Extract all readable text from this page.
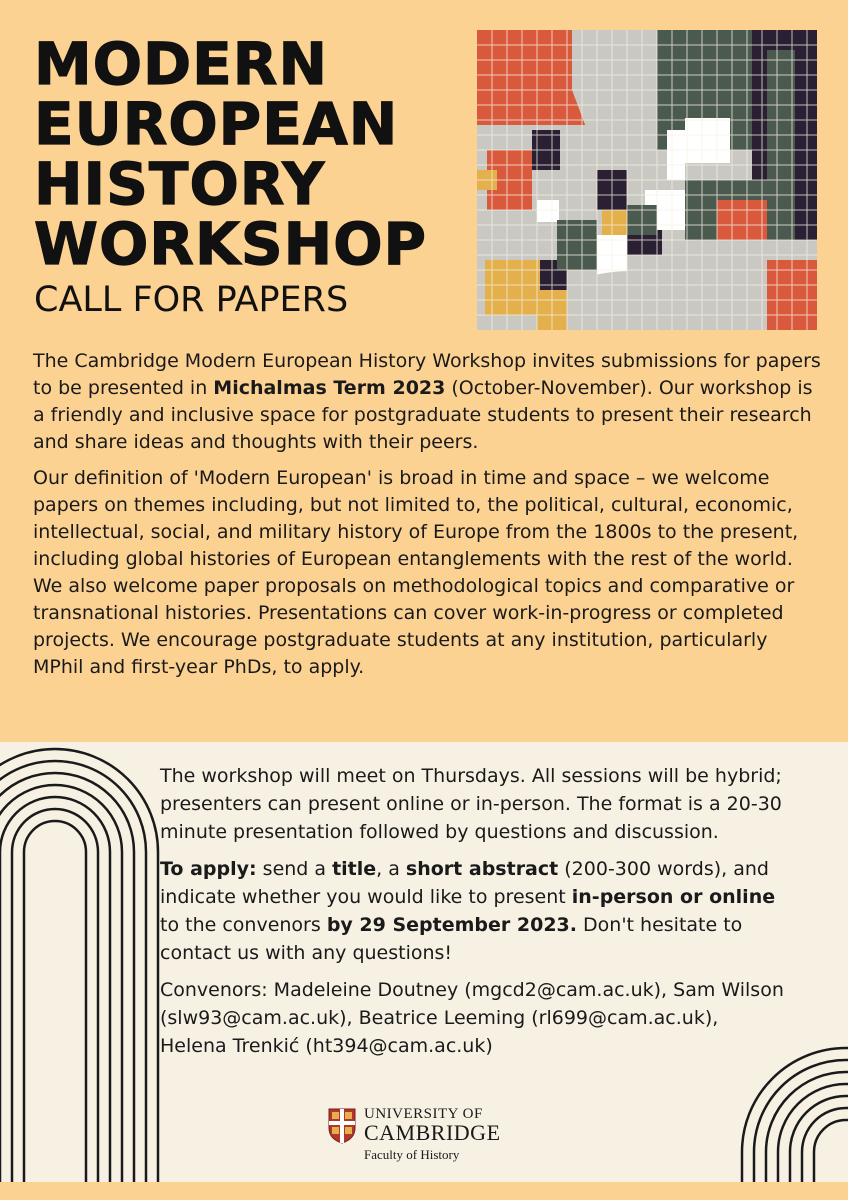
MODERN
EUROPEAN
HISTORY
WORKSHOP
CALL FOR PAPERS

The Cambridge Modern European History Workshop invites submissions for papers to be presented in Michalmas Term 2023 (October-November). Our workshop is a friendly and inclusive space for postgraduate students to present their research and share ideas and thoughts with their peers.

Our definition of 'Modern European' is broad in time and space – we welcome papers on themes including, but not limited to, the political, cultural, economic, intellectual, social, and military history of Europe from the 1800s to the present, including global histories of European entanglements with the rest of the world. We also welcome paper proposals on methodological topics and comparative or transnational histories. Presentations can cover work-in-progress or completed projects. We encourage postgraduate students at any institution, particularly MPhil and first-year PhDs, to apply.

The workshop will meet on Thursdays. All sessions will be hybrid; presenters can present online or in-person. The format is a 20-30 minute presentation followed by questions and discussion.

To apply: send a title, a short abstract (200-300 words), and indicate whether you would like to present in-person or online to the convenors by 29 September 2023. Don't hesitate to contact us with any questions!

Convenors: Madeleine Doutney (mgcd2@cam.ac.uk), Sam Wilson (slw93@cam.ac.uk), Beatrice Leeming (rl699@cam.ac.uk), Helena Trenkić (ht394@cam.ac.uk)

UNIVERSITY OF
CAMBRIDGE
Faculty of History
